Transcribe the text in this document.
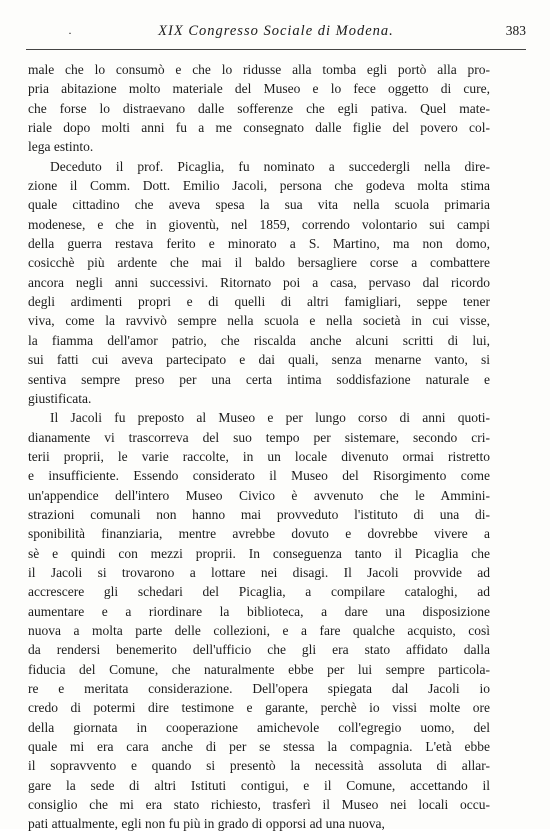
·	XIX Congresso Sociale di Modena.	383
male che lo consumò e che lo ridusse alla tomba egli portò alla pro-
pria abitazione molto materiale del Museo e lo fece oggetto di cure,
che forse lo distraevano dalle sofferenze che egli pativa. Quel mate-
riale dopo molti anni fu a me consegnato dalle figlie del povero col-
lega estinto.
Deceduto il prof. Picaglia, fu nominato a succedergli nella dire-
zione il Comm. Dott. Emilio Jacoli, persona che godeva molta stima
quale cittadino che aveva spesa la sua vita nella scuola primaria
modenese, e che in gioventù, nel 1859, correndo volontario sui campi
della guerra restava ferito e minorato a S. Martino, ma non domo,
cosicchè più ardente che mai il baldo bersagliere corse a combattere
ancora negli anni successivi. Ritornato poi a casa, pervaso dal ricordo
degli ardimenti propri e di quelli di altri famigliari, seppe tener
viva, come la ravvivò sempre nella scuola e nella società in cui visse,
la fiamma dell'amor patrio, che riscalda anche alcuni scritti di lui,
sui fatti cui aveva partecipato e dai quali, senza menarne vanto, si
sentiva sempre preso per una certa intima soddisfazione naturale e
giustificata.
Il Jacoli fu preposto al Museo e per lungo corso di anni quoti-
dianamente vi trascorreva del suo tempo per sistemare, secondo cri-
terii proprii, le varie raccolte, in un locale divenuto ormai ristretto
e insufficiente. Essendo considerato il Museo del Risorgimento come
un'appendice dell'intero Museo Civico è avvenuto che le Ammini-
strazioni comunali non hanno mai provveduto l'istituto di una di-
sponibilità finanziaria, mentre avrebbe dovuto e dovrebbe vivere a
sè e quindi con mezzi proprii. In conseguenza tanto il Picaglia che
il Jacoli si trovarono a lottare nei disagi. Il Jacoli provvide ad
accrescere gli schedari del Picaglia, a compilare cataloghi, ad
aumentare e a riordinare la biblioteca, a dare una disposizione
nuova a molta parte delle collezioni, e a fare qualche acquisto, così
da rendersi benemerito dell'ufficio che gli era stato affidato dalla
fiducia del Comune, che naturalmente ebbe per lui sempre particola-
re e meritata considerazione. Dell'opera spiegata dal Jacoli io
credo di potermi dire testimone e garante, perchè io vissi molte ore
della giornata in cooperazione amichevole coll'egregio uomo, del
quale mi era cara anche di per se stessa la compagnia. L'età ebbe
il sopravvento e quando si presentò la necessità assoluta di allar-
gare la sede di altri Istituti contigui, e il Comune, accettando il
consiglio che mi era stato richiesto, trasferì il Museo nei locali occu-
pati attualmente, egli non fu più in grado di opporsi ad una nuova,
